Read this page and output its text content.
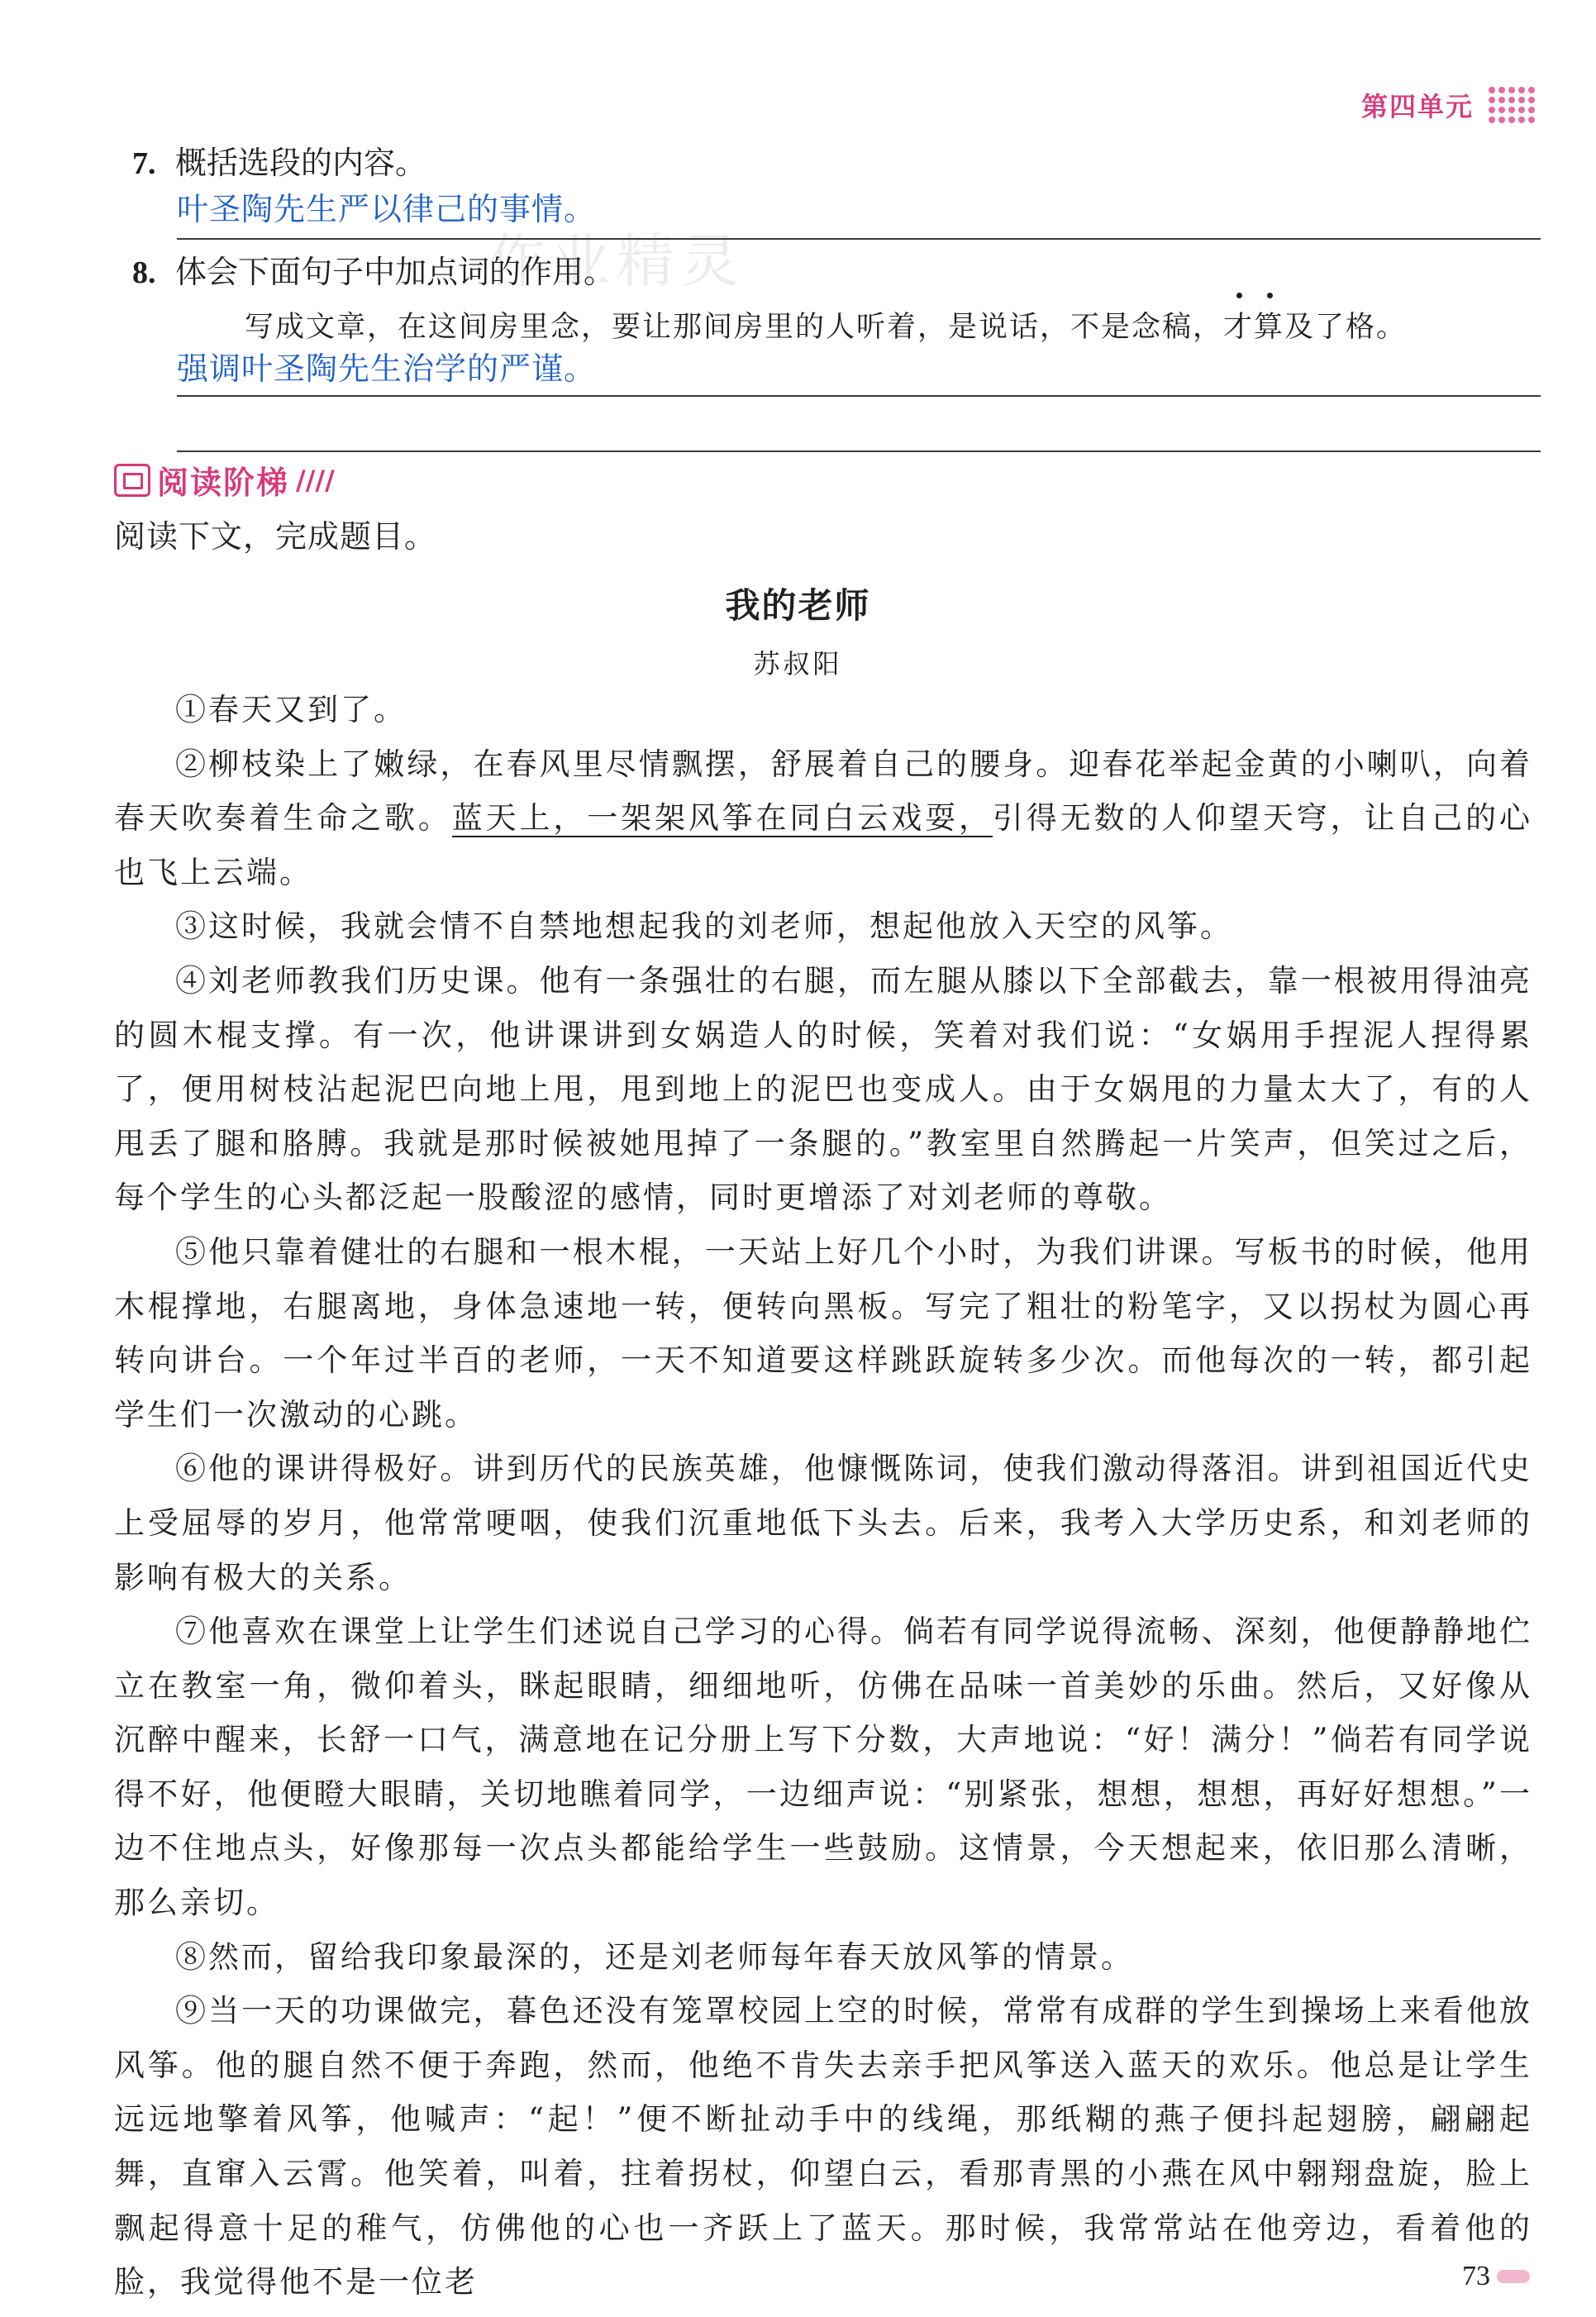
第四单元
作业精灵
7. 概括选段的内容。
叶圣陶先生严以律己的事情。
8. 体会下面句子中加点词的作用。
写成文章，在这间房里念，要让那间房里的人听着，是说话，不是念稿，才算及了格。
强调叶圣陶先生治学的严谨。
阅读阶梯 ////
阅读下文，完成题目。
我的老师
苏叔阳

①春天又到了。

②柳枝染上了嫩绿，在春风里尽情飘摆，舒展着自己的腰身。迎春花举起金黄的小喇叭，向着春天吹奏着生命之歌。蓝天上，一架架风筝在同白云戏耍，引得无数的人仰望天穹，让自己的心也飞上云端。

③这时候，我就会情不自禁地想起我的刘老师，想起他放入天空的风筝。

④刘老师教我们历史课。他有一条强壮的右腿，而左腿从膝以下全部截去，靠一根被用得油亮的圆木棍支撑。有一次，他讲课讲到女娲造人的时候，笑着对我们说：“女娲用手捏泥人捏得累了，便用树枝沾起泥巴向地上甩，甩到地上的泥巴也变成人。由于女娲甩的力量太大了，有的人甩丢了腿和胳膊。我就是那时候被她甩掉了一条腿的。”教室里自然腾起一片笑声，但笑过之后，每个学生的心头都泛起一股酸涩的感情，同时更增添了对刘老师的尊敬。

⑤他只靠着健壮的右腿和一根木棍，一天站上好几个小时，为我们讲课。写板书的时候，他用木棍撑地，右腿离地，身体急速地一转，便转向黑板。写完了粗壮的粉笔字，又以拐杖为圆心再转向讲台。一个年过半百的老师，一天不知道要这样跳跃旋转多少次。而他每次的一转，都引起学生们一次激动的心跳。

⑥他的课讲得极好。讲到历代的民族英雄，他慷慨陈词，使我们激动得落泪。讲到祖国近代史上受屈辱的岁月，他常常哽咽，使我们沉重地低下头去。后来，我考入大学历史系，和刘老师的影响有极大的关系。

⑦他喜欢在课堂上让学生们述说自己学习的心得。倘若有同学说得流畅、深刻，他便静静地伫立在教室一角，微仰着头，眯起眼睛，细细地听，仿佛在品味一首美妙的乐曲。然后，又好像从沉醉中醒来，长舒一口气，满意地在记分册上写下分数，大声地说：“好！满分！”倘若有同学说得不好，他便瞪大眼睛，关切地瞧着同学，一边细声说：“别紧张，想想，想想，再好好想想。”一边不住地点头，好像那每一次点头都能给学生一些鼓励。这情景，今天想起来，依旧那么清晰，那么亲切。

⑧然而，留给我印象最深的，还是刘老师每年春天放风筝的情景。

⑨当一天的功课做完，暮色还没有笼罩校园上空的时候，常常有成群的学生到操场上来看他放风筝。他的腿自然不便于奔跑，然而，他绝不肯失去亲手把风筝送入蓝天的欢乐。他总是让学生远远地擎着风筝，他喊声：“起！”便不断扯动手中的线绳，那纸糊的燕子便抖起翅膀，翩翩起舞，直窜入云霄。他笑着，叫着，拄着拐杖，仰望白云，看那青黑的小燕在风中翱翔盘旋，脸上飘起得意十足的稚气，仿佛他的心也一齐跃上了蓝天。那时候，我常常站在他旁边，看着他的脸，我觉得他不是一位老	73
